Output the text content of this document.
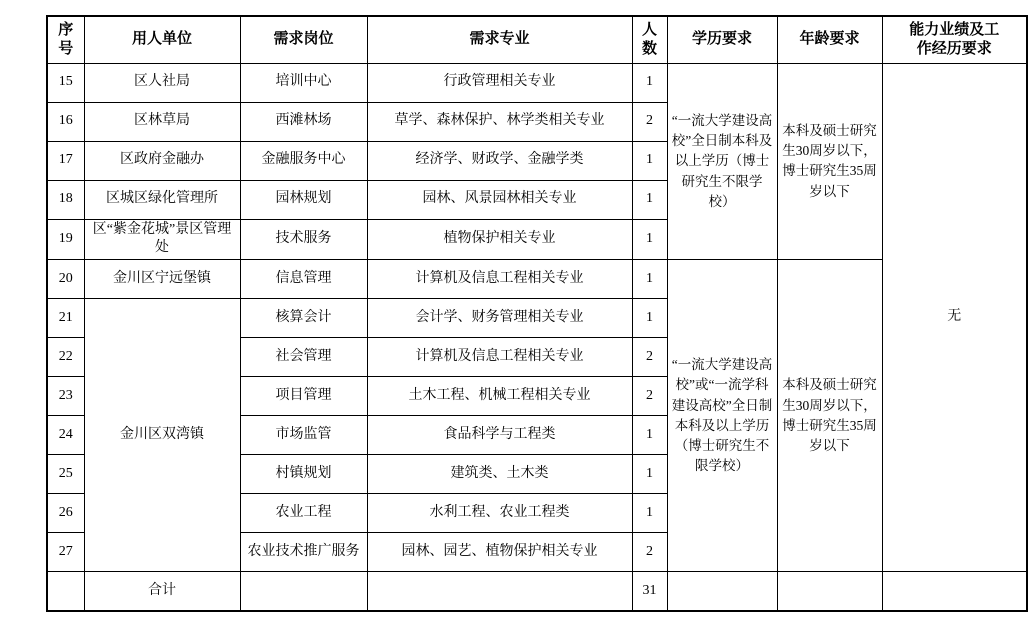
序号	用人单位	需求岗位	需求专业	人数	学历要求	年龄要求	能力业绩及工作经历要求
15	区人社局	培训中心	行政管理相关专业	1	“一流大学建设高校”全日制本科及以上学历（博士研究生不限学校）	本科及硕士研究生30周岁以下，博士研究生35周岁以下	无
16	区林草局	西滩林场	草学、森林保护、林学类相关专业	2			
17	区政府金融办	金融服务中心	经济学、财政学、金融学类	1			
18	区城区绿化管理所	园林规划	园林、风景园林相关专业	1			
19	区“紫金花城”景区管理处	技术服务	植物保护相关专业	1			
20	金川区宁远堡镇	信息管理	计算机及信息工程相关专业	1	“一流大学建设高校”或“一流学科建设高校”全日制本科及以上学历（博士研究生不限学校）	本科及硕士研究生30周岁以下，博士研究生35周岁以下	
21	金川区双湾镇	核算会计	会计学、财务管理相关专业	1			
22		社会管理	计算机及信息工程相关专业	2			
23		项目管理	土木工程、机械工程相关专业	2			
24		市场监管	食品科学与工程类	1			
25		村镇规划	建筑类、土木类	1			
26		农业工程	水利工程、农业工程类	1			
27		农业技术推广服务	园林、园艺、植物保护相关专业	2			
	合计			31			
